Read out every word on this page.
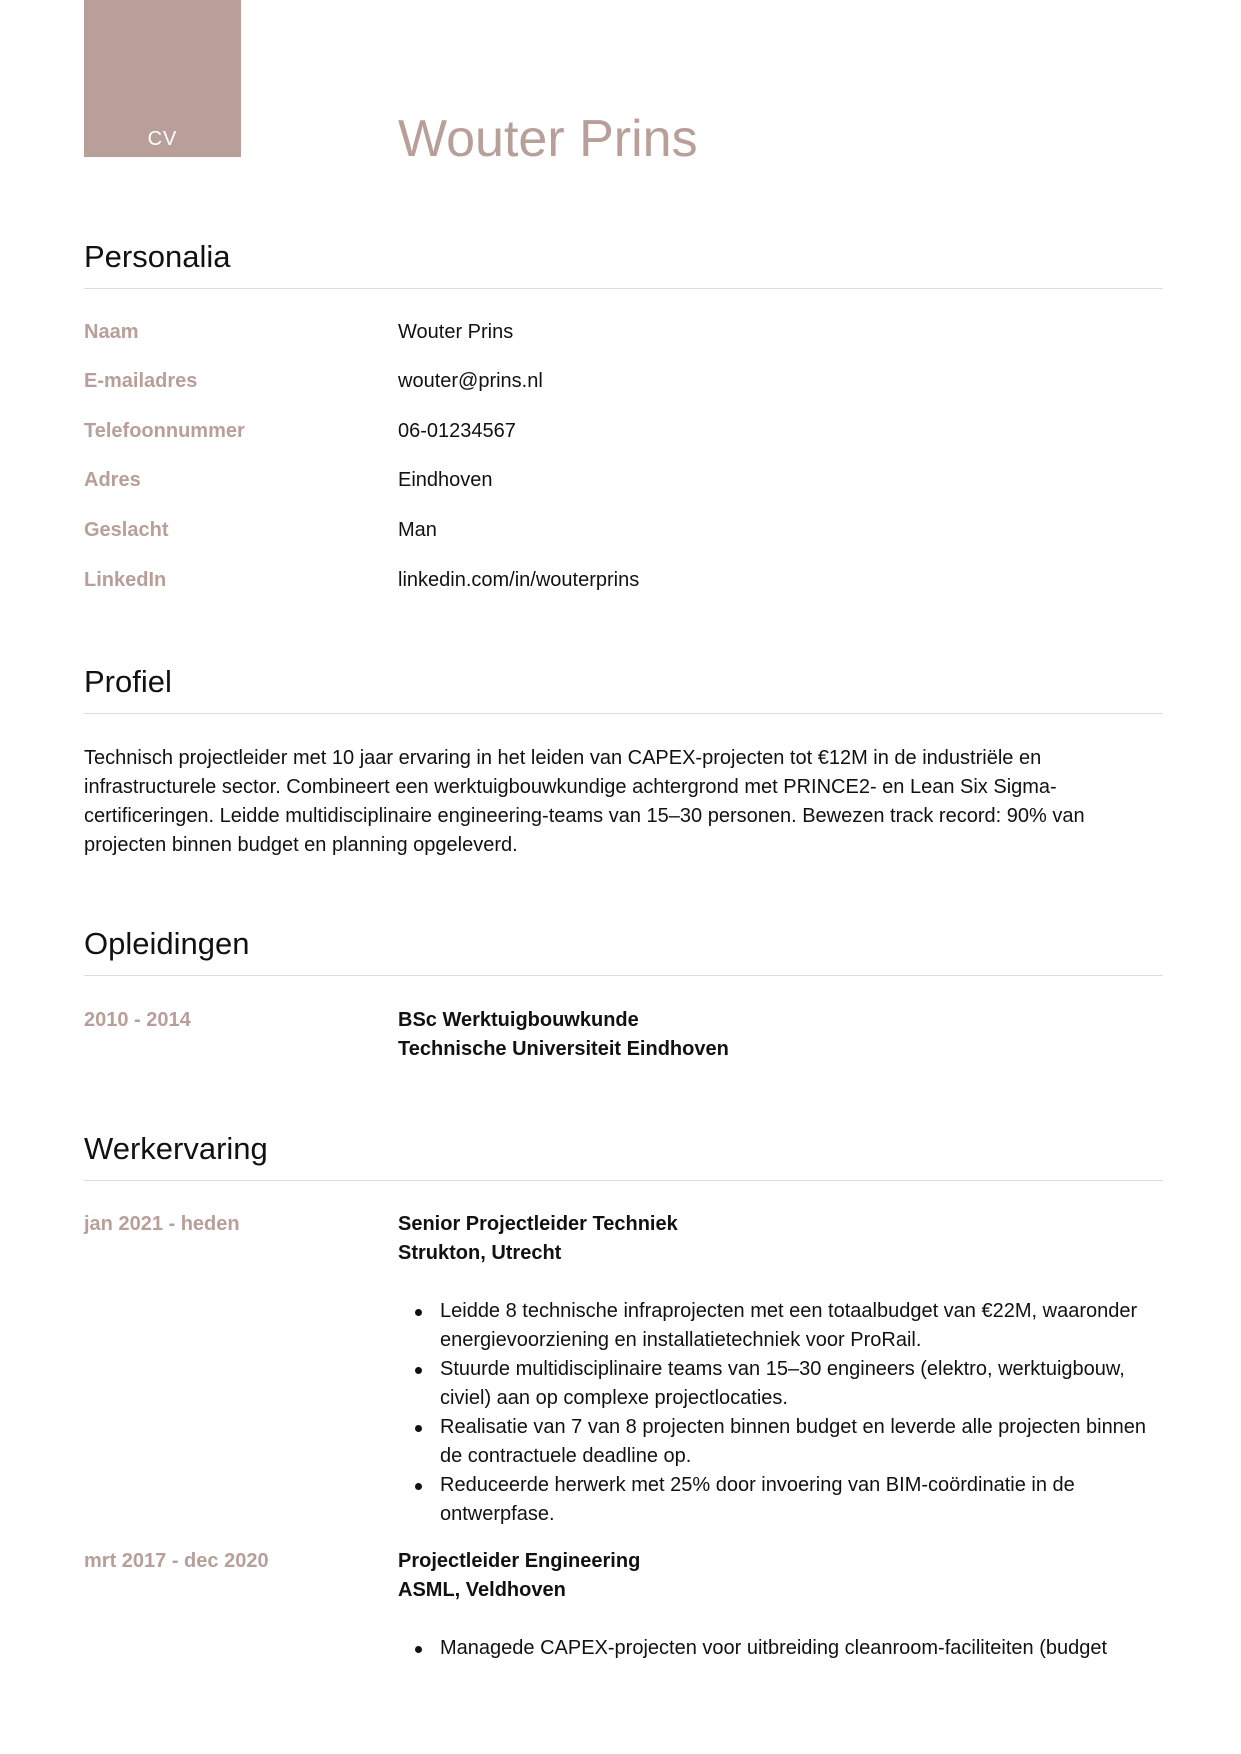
CV	Wouter Prins
Personalia
Naam	Wouter Prins
E-mailadres	wouter@prins.nl
Telefoonnummer	06-01234567
Adres	Eindhoven
Geslacht	Man
LinkedIn	linkedin.com/in/wouterprins
Profiel

Technisch projectleider met 10 jaar ervaring in het leiden van CAPEX-projecten tot €12M in de industriële en infrastructurele sector. Combineert een werktuigbouwkundige achtergrond met PRINCE2- en Lean Six Sigma-certificeringen. Leidde multidisciplinaire engineering-teams van 15–30 personen. Bewezen track record: 90% van projecten binnen budget en planning opgeleverd.

Opleidingen
2010 - 2014	BSc Werktuigbouwkunde
Technische Universiteit Eindhoven
Werkervaring
jan 2021 - heden	Senior Projectleider Techniek
Strukton, Utrecht
Leidde 8 technische infraprojecten met een totaalbudget van €22M, waaronder energievoorziening en installatietechniek voor ProRail.
Stuurde multidisciplinaire teams van 15–30 engineers (elektro, werktuigbouw, civiel) aan op complexe projectlocaties.
Realisatie van 7 van 8 projecten binnen budget en leverde alle projecten binnen de contractuele deadline op.
Reduceerde herwerk met 25% door invoering van BIM-coördinatie in de ontwerpfase.
mrt 2017 - dec 2020	Projectleider Engineering
ASML, Veldhoven
Managede CAPEX-projecten voor uitbreiding cleanroom-faciliteiten (budget
